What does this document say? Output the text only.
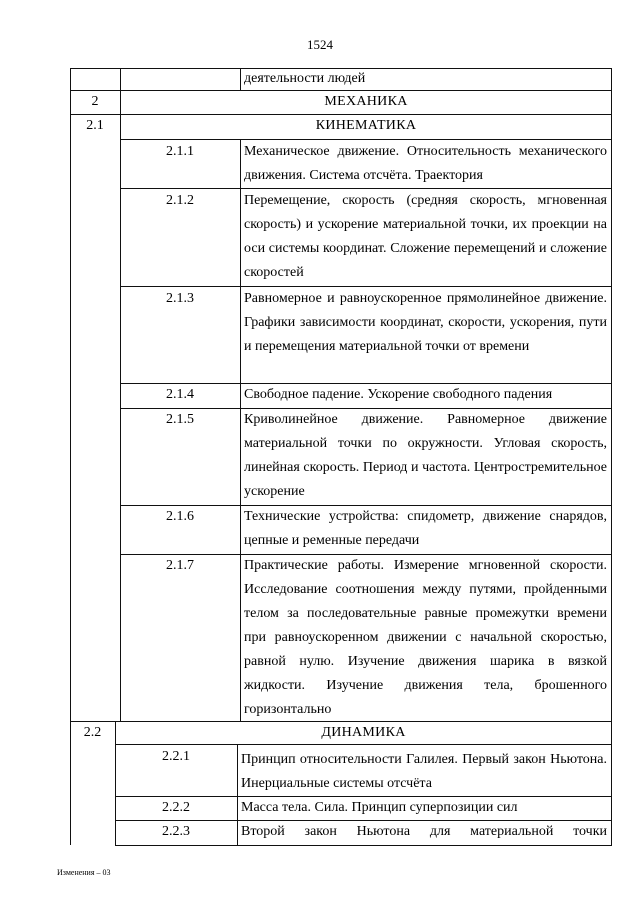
1524
деятельности людей
2	МЕХАНИКА
2.1	КИНЕМАТИКА
2.1.1	Механическое движение. Относительность механического движения. Система отсчёта. Траектория
2.1.2	Перемещение, скорость (средняя скорость, мгновенная скорость) и ускорение материальной точки, их проекции на оси системы координат. Сложение перемещений и сложение скоростей
2.1.3	Равномерное и равноускоренное прямолинейное движение. Графики зависимости координат, скорости, ускорения, пути и перемещения материальной точки от времени
2.1.4	Свободное падение. Ускорение свободного падения
2.1.5	Криволинейное движение. Равномерное движение материальной точки по окружности. Угловая скорость, линейная скорость. Период и частота. Центростремительное ускорение
2.1.6	Технические устройства: спидометр, движение снарядов, цепные и ременные передачи
2.1.7	Практические работы. Измерение мгновенной скорости. Исследование соотношения между путями, пройденными телом за последовательные равные промежутки времени при равноускоренном движении с начальной скоростью, равной нулю. Изучение движения шарика в вязкой жидкости. Изучение движения тела, брошенного горизонтально
2.2	ДИНАМИКА
2.2.1	Принцип относительности Галилея. Первый закон Ньютона. Инерциальные системы отсчёта
2.2.2	Масса тела. Сила. Принцип суперпозиции сил
2.2.3	Второй закон Ньютона для материальной точки
Изменения – 03
